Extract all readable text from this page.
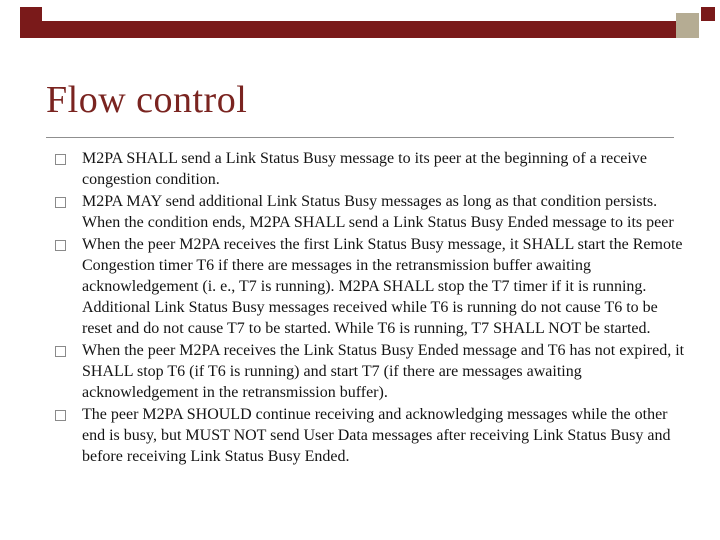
Flow control
M2PA SHALL send a Link Status Busy message to its peer at the beginning of a receive congestion condition.
M2PA MAY send additional Link Status Busy messages as long as that condition persists. When the condition ends, M2PA SHALL send a Link Status Busy Ended message to its peer
When the peer M2PA receives the first Link Status Busy message, it SHALL start the Remote Congestion timer T6 if there are messages in the retransmission buffer awaiting acknowledgement (i. e., T7 is running). M2PA SHALL stop the T7 timer if it is running. Additional Link Status Busy messages received while T6 is running do not cause T6 to be reset and do not cause T7 to be started. While T6 is running, T7 SHALL NOT be started.
When the peer M2PA receives the Link Status Busy Ended message and T6 has not expired, it SHALL stop T6 (if T6 is running) and start T7 (if there are messages awaiting acknowledgement in the retransmission buffer).
The peer M2PA SHOULD continue receiving and acknowledging messages while the other end is busy, but MUST NOT send User Data messages after receiving Link Status Busy and before receiving Link Status Busy Ended.
